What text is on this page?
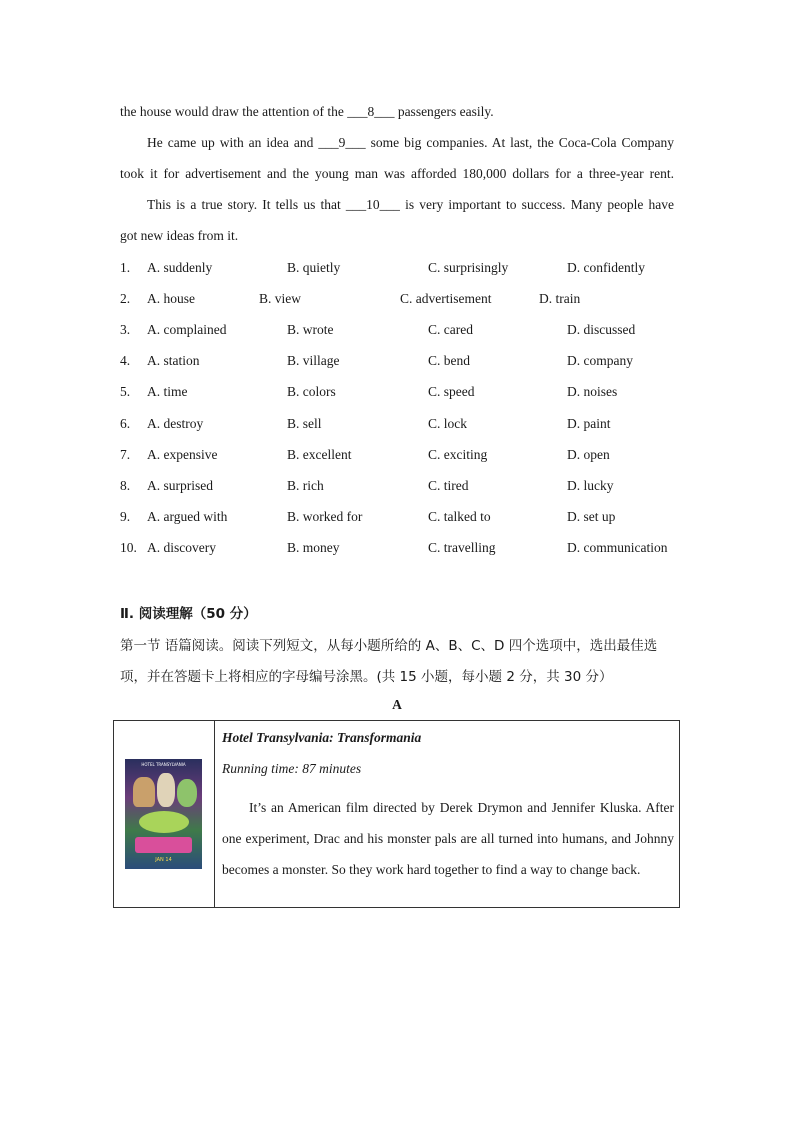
the house would draw the attention of the ___8___ passengers easily.
He came up with an idea and ___9___ some big companies. At last, the Coca-Cola Company
took it for advertisement and the young man was afforded 180,000 dollars for a three-year rent.
This is a true story. It tells us that ___10___ is very important to success. Many people have
got new ideas from it.
1. A. suddenly	B. quietly	C. surprisingly	D. confidently
2. A. house	B. view	C. advertisement	D. train
3. A. complained	B. wrote	C. cared	D. discussed
4. A. station	B. village	C. bend	D. company
5. A. time	B. colors	C. speed	D. noises
6. A. destroy	B. sell	C. lock	D. paint
7. A. expensive	B. excellent	C. exciting	D. open
8. A. surprised	B. rich	C. tired	D. lucky
9. A. argued with	B. worked for	C. talked to	D. set up
10. A. discovery	B. money	C. travelling	D. communication
Ⅱ. 阅读理解（50 分）
第一节 语篇阅读。阅读下列短文，从每小题所给的 A、B、C、D 四个选项中，选出最佳选
项，并在答题卡上将相应的字母编号涂黑。(共 15 小题，每小题 2 分，共 30 分）
A
HOTEL TRANSYLVANIA
JAN 14
Hotel Transylvania: Transformania
Running time: 87 minutes
It’s an American film directed by Derek Drymon and Jennifer Kluska. After one experiment, Drac and his monster pals are all turned into humans, and Johnny becomes a monster. So they work hard together to find a way to change back.
